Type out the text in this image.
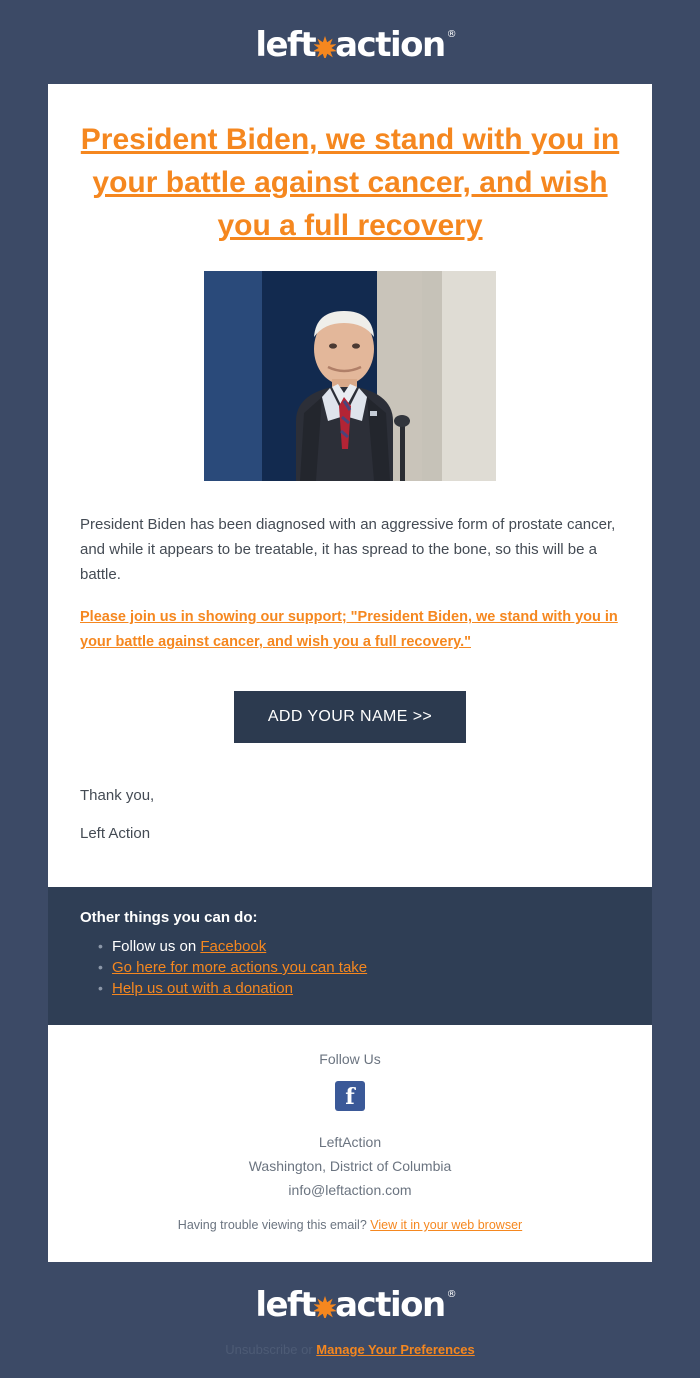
left action ®
President Biden, we stand with you in your battle against cancer, and wish you a full recovery
President Biden has been diagnosed with an aggressive form of prostate cancer, and while it appears to be treatable, it has spread to the bone, so this will be a battle.
Please join us in showing our support; "President Biden, we stand with you in your battle against cancer, and wish you a full recovery."
ADD YOUR NAME >>
Thank you,
Left Action
Other things you can do:
• Follow us on Facebook
• Go here for more actions you can take
• Help us out with a donation
Follow Us
f
LeftAction
Washington, District of Columbia
info@leftaction.com
Having trouble viewing this email? View it in your web browser
left action ®
Unsubscribe or Manage Your Preferences
